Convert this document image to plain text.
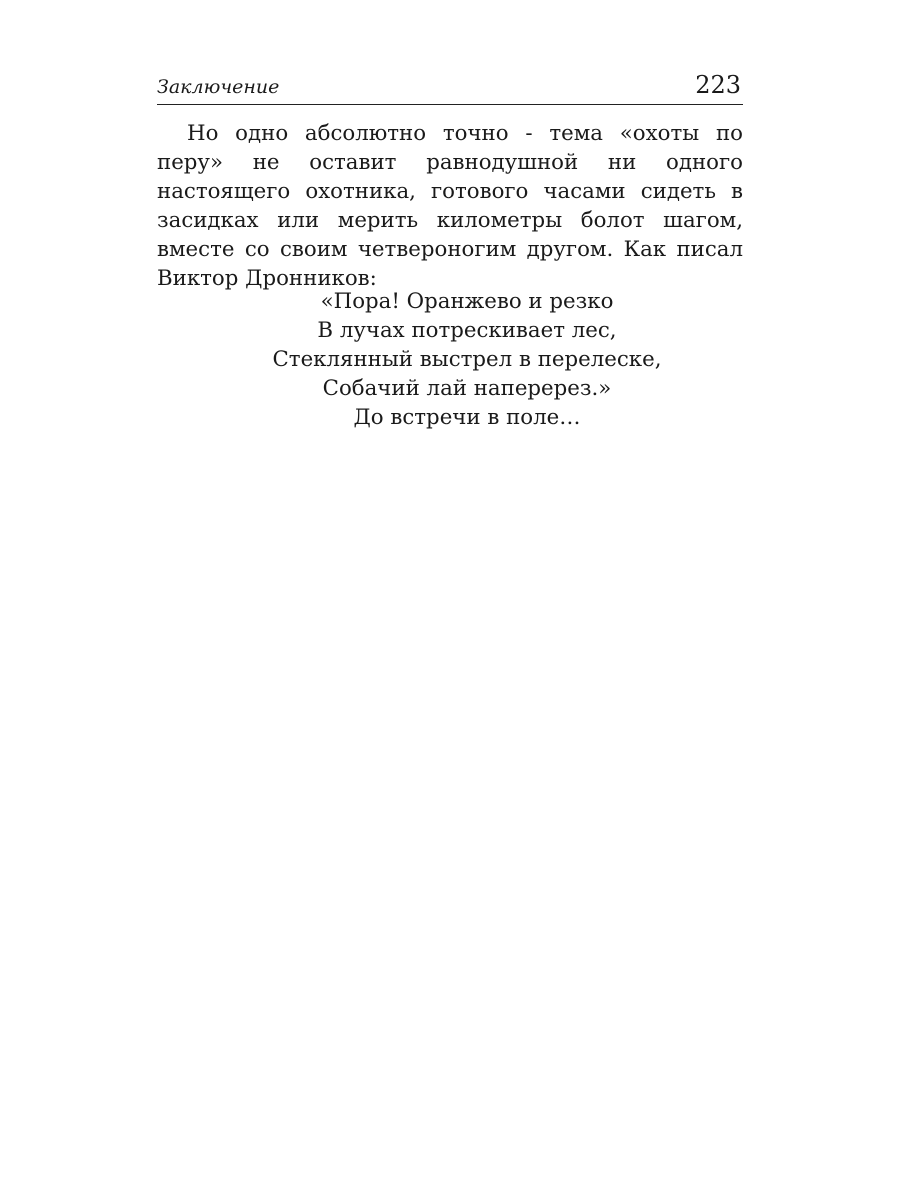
Заключение	223

Но одно абсолютно точно - тема «охоты по перу» не оставит равнодушной ни одного настоящего охотника, готового часами сидеть в засидках или мерить километры болот шагом, вместе со своим четвероногим другом. Как писал Виктор Дронников:

«Пора! Оранжево и резко
В лучах потрескивает лес,
Стеклянный выстрел в перелеске,
Собачий лай наперерез.»
До встречи в поле…
